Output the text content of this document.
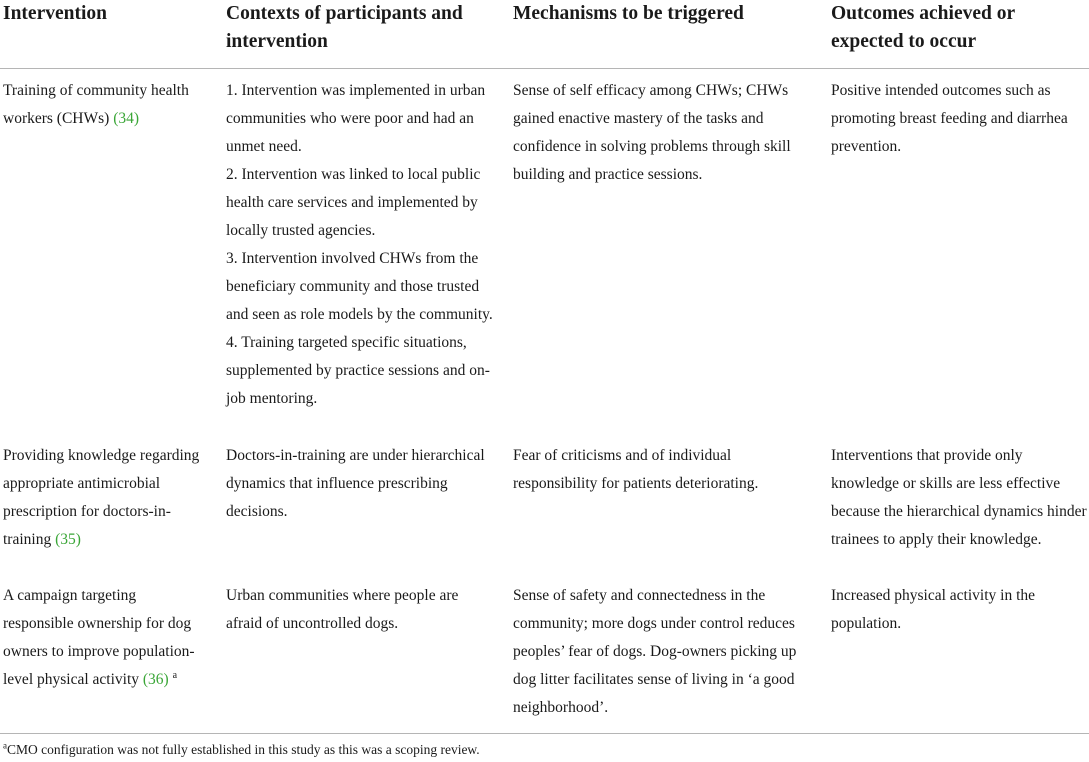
Intervention	Contexts of participants and intervention
Mechanisms to be triggered	Outcomes achieved or expected to occur
Training of community health workers (CHWs) (34)

1. Intervention was implemented in urban communities who were poor and had an unmet need.

2. Intervention was linked to local public health care services and implemented by locally trusted agencies.

3. Intervention involved CHWs from the beneficiary community and those trusted and seen as role models by the community.

4. Training targeted specific situations, supplemented by practice sessions and on-job mentoring.

Sense of self efficacy among CHWs; CHWs gained enactive mastery of the tasks and confidence in solving problems through skill building and practice sessions.
Positive intended outcomes such as promoting breast feeding and diarrhea prevention.
Providing knowledge regarding appropriate antimicrobial prescription for doctors-in-training (35)

Doctors-in-training are under hierarchical dynamics that influence prescribing decisions.

Fear of criticisms and of individual responsibility for patients deteriorating.
Interventions that provide only knowledge or skills are less effective because the hierarchical dynamics hinder trainees to apply their knowledge.
A campaign targeting responsible ownership for dog owners to improve population-level physical activity (36) $^a$

Urban communities where people are afraid of uncontrolled dogs.

Sense of safety and connectedness in the community; more dogs under control reduces peoples’ fear of dogs. Dog-owners picking up dog litter facilitates sense of living in ‘a good neighborhood’.
Increased physical activity in the population.
$^a$CMO configuration was not fully established in this study as this was a scoping review.
